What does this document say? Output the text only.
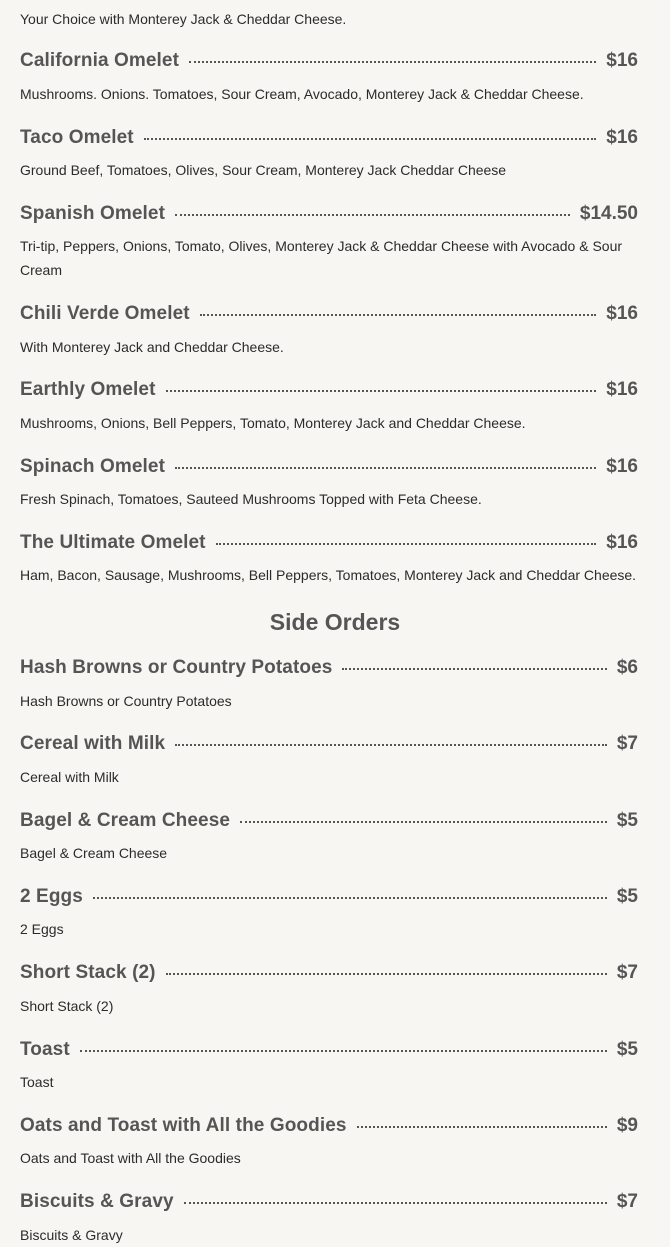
Your Choice with Monterey Jack & Cheddar Cheese.

California Omelet	$16

Mushrooms. Onions. Tomatoes, Sour Cream, Avocado, Monterey Jack & Cheddar Cheese.

Taco Omelet	$16

Ground Beef, Tomatoes, Olives, Sour Cream, Monterey Jack Cheddar Cheese

Spanish Omelet	$14.50

Tri-tip, Peppers, Onions, Tomato, Olives, Monterey Jack & Cheddar Cheese with Avocado & Sour Cream

Chili Verde Omelet	$16

With Monterey Jack and Cheddar Cheese.

Earthly Omelet	$16

Mushrooms, Onions, Bell Peppers, Tomato, Monterey Jack and Cheddar Cheese.

Spinach Omelet	$16

Fresh Spinach, Tomatoes, Sauteed Mushrooms Topped with Feta Cheese.

The Ultimate Omelet	$16

Ham, Bacon, Sausage, Mushrooms, Bell Peppers, Tomatoes, Monterey Jack and Cheddar Cheese.

Side Orders
Hash Browns or Country Potatoes	$6

Hash Browns or Country Potatoes

Cereal with Milk	$7

Cereal with Milk

Bagel & Cream Cheese	$5

Bagel & Cream Cheese

2 Eggs	$5

2 Eggs

Short Stack (2)	$7

Short Stack (2)

Toast	$5

Toast

Oats and Toast with All the Goodies	$9

Oats and Toast with All the Goodies

Biscuits & Gravy	$7

Biscuits & Gravy
